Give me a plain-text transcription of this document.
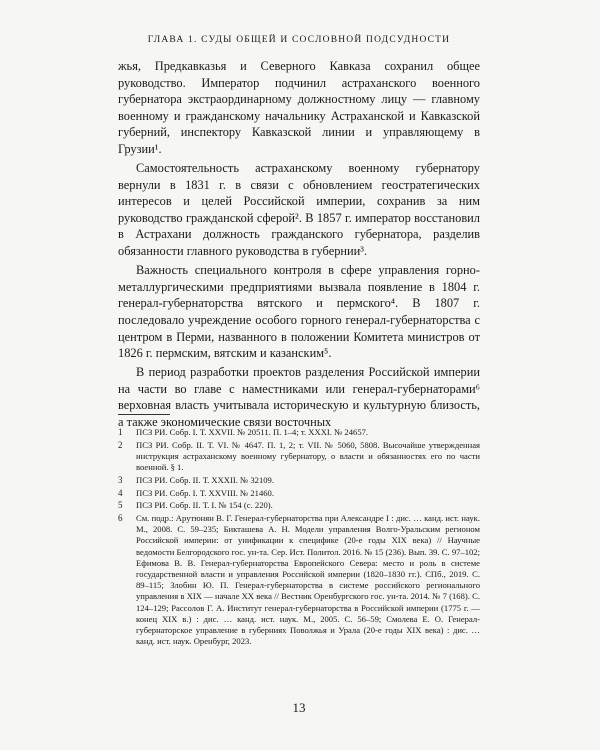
ГЛАВА 1. СУДЫ ОБЩЕЙ И СОСЛОВНОЙ ПОДСУДНОСТИ

жья, Предкавказья и Северного Кавказа сохранил общее руководство. Император подчинил астраханского военного губернатора экстраординарному должностному лицу — главному военному и гражданскому начальнику Астраханской и Кавказской губерний, инспектору Кавказской линии и управляющему в Грузии¹.

Самостоятельность астраханскому военному губернатору вернули в 1831 г. в связи с обновлением геостратегических интересов и целей Российской империи, сохранив за ним руководство гражданской сферой². В 1857 г. император восстановил в Астрахани должность гражданского губернатора, разделив обязанности главного руководства в губернии³.

Важность специального контроля в сфере управления горно-металлургическими предприятиями вызвала появление в 1804 г. генерал-губернаторства вятского и пермского⁴. В 1807 г. последовало учреждение особого горного генерал-губернаторства с центром в Перми, названного в положении Комитета министров от 1826 г. пермским, вятским и казанским⁵.

В период разработки проектов разделения Российской империи на части во главе с наместниками или генерал-губернаторами⁶ верховная власть учитывала историческую и культурную близость, а также экономические связи восточных

1	ПСЗ РИ. Собр. I. Т. XXVII. № 20511. П. 1–4; т. XXXI. № 24657.
2	ПСЗ РИ. Собр. II. Т. VI. № 4647. П. 1, 2; т. VII. № 5060, 5808. Высочайше утвержденная инструкция астраханскому военному губернатору, о власти и обязанностях его по части военной. § 1.
3	ПСЗ РИ. Собр. II. Т. XXXII. № 32109.
4	ПСЗ РИ. Собр. I. Т. XXVIII. № 21460.
5	ПСЗ РИ. Собр. II. Т. I. № 154 (с. 220).
6	См. подр.: Арутюнян В. Г. Генерал-губернаторства при Александре I : дис. … канд. ист. наук. М., 2008. С. 59–235; Бикташева А. Н. Модели управления Волго-Уральским регионом Российской империи: от унификации к специфике (20-е годы XIX века) // Научные ведомости Белгородского гос. ун-та. Сер. Ист. Политол. 2016. № 15 (236). Вып. 39. С. 97–102; Ефимова В. В. Генерал-губернаторства Европейского Севера: место и роль в системе государственной власти и управления Российской империи (1820–1830 гг.). СПб., 2019. С. 89–115; Злобин Ю. П. Генерал-губернаторства в системе российского регионального управления в XIX — начале XX века // Вестник Оренбургского гос. ун-та. 2014. № 7 (168). С. 124–129; Рассолов Г. А. Институт генерал-губернаторства в Российской империи (1775 г. — конец XIX в.) : дис. … канд. ист. наук. М., 2005. С. 56–59; Смолева Е. О. Генерал-губернаторское управление в губерниях Поволжья и Урала (20-е годы XIX века) : дис. … канд. ист. наук. Оренбург, 2023.
13
